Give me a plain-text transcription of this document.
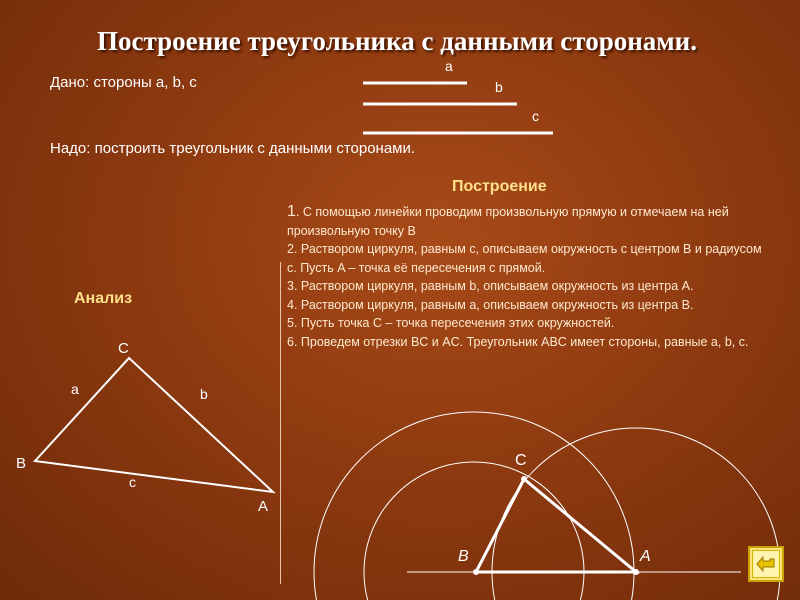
Построение треугольника с данными сторонами.
Дано: стороны a, b, c
Надо: построить треугольник с данными сторонами.
a
b
c
Построение
Анализ

1. С помощью линейки проводим произвольную прямую и отмечаем на ней произвольную точку B

2. Раствором циркуля, равным c, описываем окружность с центром B и радиусом c. Пусть A – точка её пересечения с прямой.

3. Раствором циркуля, равным b, описываем окружность из центра A.

4. Раствором циркуля, равным a, описываем окружность из центра B.

5. Пусть точка C – точка пересечения этих окружностей.

6. Проведем отрезки BC и AC. Треугольник ABC имеет стороны, равные a, b, c.

C
B
A
a	b
c
C
B	A
